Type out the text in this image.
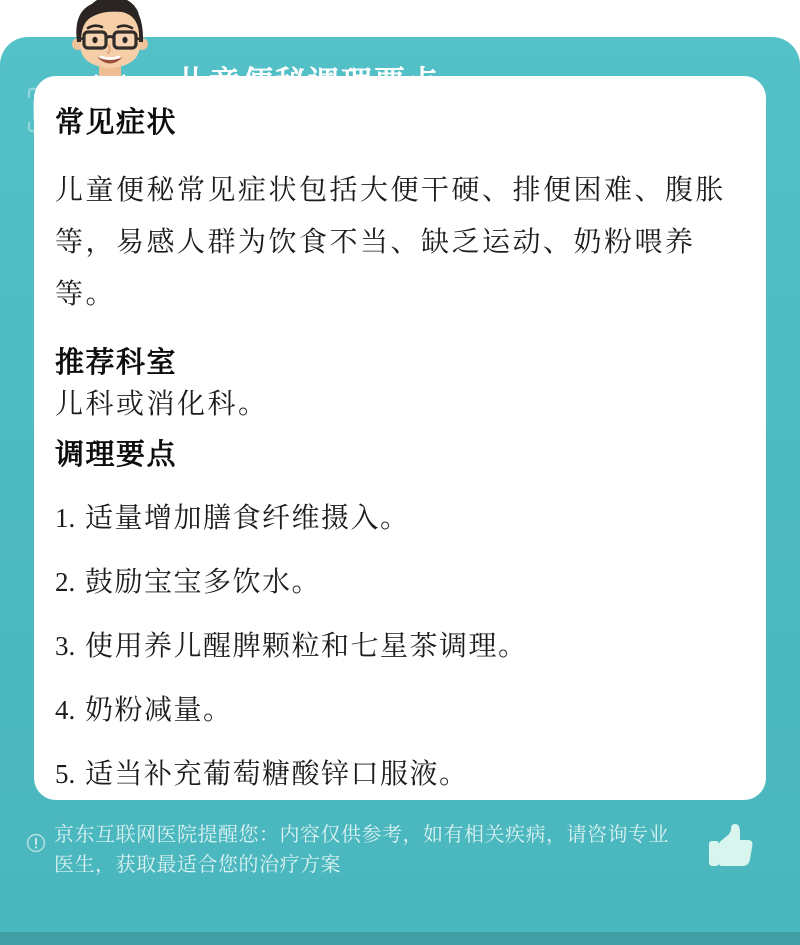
常见症状
儿童便秘常见症状包括大便干硬、排便困难、腹胀等，易感人群为饮食不当、缺乏运动、奶粉喂养等。
推荐科室
儿科或消化科。
调理要点
1. 适量增加膳食纤维摄入。
2. 鼓励宝宝多饮水。
3. 使用养儿醒脾颗粒和七星茶调理。
4. 奶粉减量。
5. 适当补充葡萄糖酸锌口服液。
京东互联网医院提醒您：内容仅供参考，如有相关疾病，请咨询专业
医生，获取最适合您的治疗方案
